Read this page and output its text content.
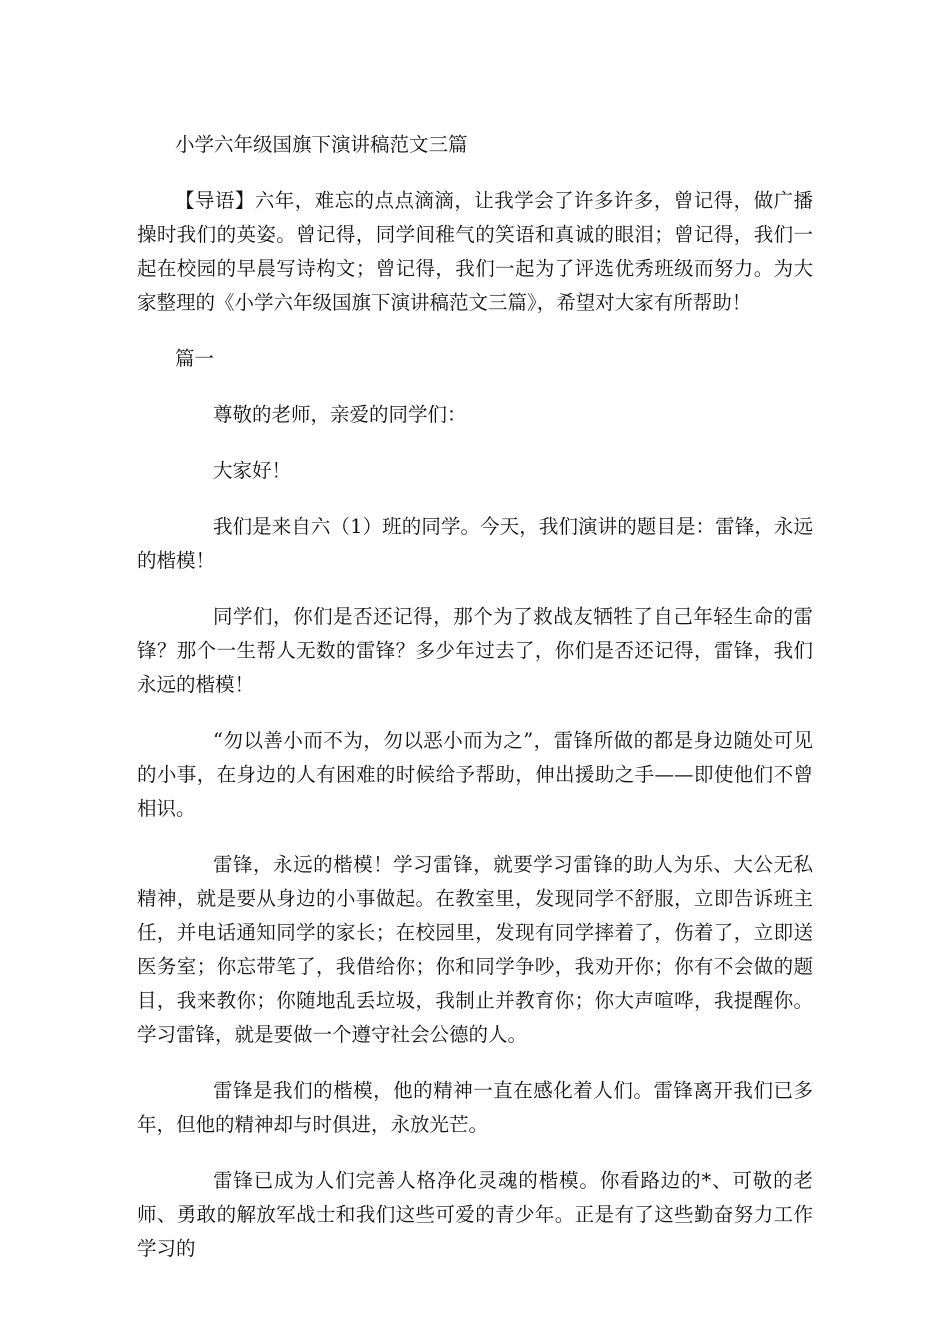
小学六年级国旗下演讲稿范文三篇

【导语】六年，难忘的点点滴滴，让我学会了许多许多，曾记得，做广播操时我们的英姿。曾记得，同学间稚气的笑语和真诚的眼泪；曾记得，我们一起在校园的早晨写诗构文；曾记得，我们一起为了评选优秀班级而努力。为大家整理的《小学六年级国旗下演讲稿范文三篇》，希望对大家有所帮助！

篇一

尊敬的老师，亲爱的同学们：

大家好！

我们是来自六（1）班的同学。今天，我们演讲的题目是：雷锋，永远的楷模！

同学们，你们是否还记得，那个为了救战友牺牲了自己年轻生命的雷锋？那个一生帮人无数的雷锋？多少年过去了，你们是否还记得，雷锋，我们永远的楷模！

“勿以善小而不为，勿以恶小而为之”，雷锋所做的都是身边随处可见的小事，在身边的人有困难的时候给予帮助，伸出援助之手——即使他们不曾相识。

雷锋，永远的楷模！学习雷锋，就要学习雷锋的助人为乐、大公无私精神，就是要从身边的小事做起。在教室里，发现同学不舒服，立即告诉班主任，并电话通知同学的家长；在校园里，发现有同学摔着了，伤着了，立即送医务室；你忘带笔了，我借给你；你和同学争吵，我劝开你；你有不会做的题目，我来教你；你随地乱丢垃圾，我制止并教育你；你大声喧哗，我提醒你。学习雷锋，就是要做一个遵守社会公德的人。

雷锋是我们的楷模，他的精神一直在感化着人们。雷锋离开我们已多年，但他的精神却与时俱进，永放光芒。

雷锋已成为人们完善人格净化灵魂的楷模。你看路边的*、可敬的老师、勇敢的解放军战士和我们这些可爱的青少年。正是有了这些勤奋努力工作学习的
